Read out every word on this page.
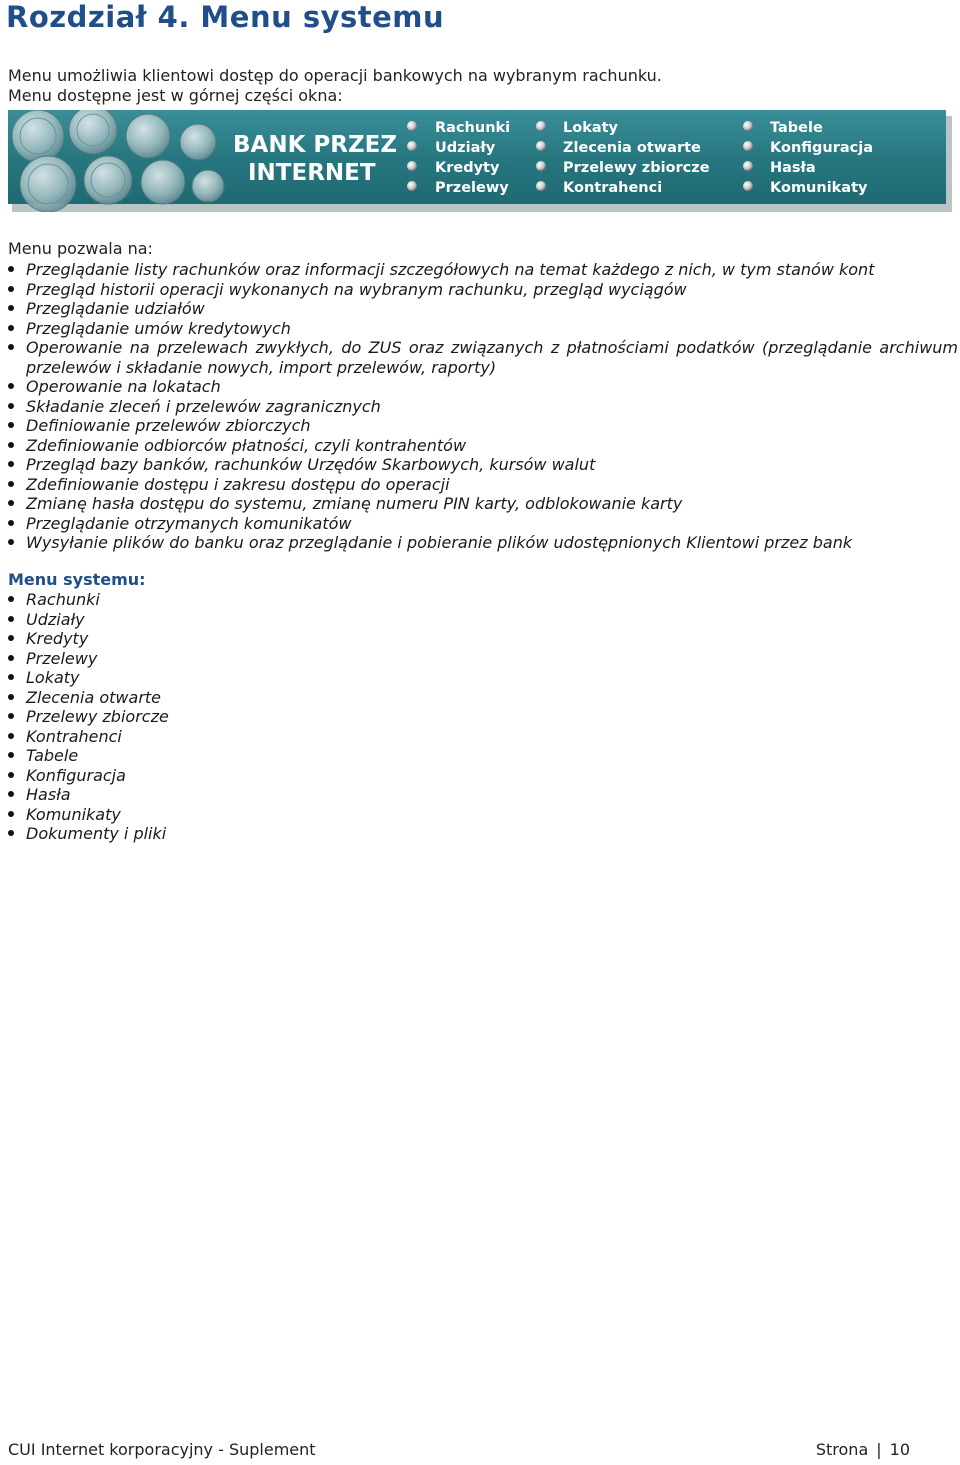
Rozdział 4. Menu systemu

Menu umożliwia klientowi dostęp do operacji bankowych na wybranym rachunku. Menu dostępne jest w górnej części okna:

BANK PRZEZ
INTERNET
Rachunki
Udziały
Kredyty
Przelewy
Lokaty
Zlecenia otwarte
Przelewy zbiorcze
Kontrahenci
Tabele
Konfiguracja
Hasła
Komunikaty

Menu pozwala na:

Przeglądanie listy rachunków oraz informacji szczegółowych na temat każdego z nich, w tym stanów kont
Przegląd historii operacji wykonanych na wybranym rachunku, przegląd wyciągów
Przeglądanie udziałów
Przeglądanie umów kredytowych
Operowanie na przelewach zwykłych, do ZUS oraz związanych z płatnościami podatków (przeglądanie archiwum przelewów i składanie nowych, import przelewów, raporty)
Operowanie na lokatach
Składanie zleceń i przelewów zagranicznych
Definiowanie przelewów zbiorczych
Zdefiniowanie odbiorców płatności, czyli kontrahentów
Przegląd bazy banków, rachunków Urzędów Skarbowych, kursów walut
Zdefiniowanie dostępu i zakresu dostępu do operacji
Zmianę hasła dostępu do systemu, zmianę numeru PIN karty, odblokowanie karty
Przeglądanie otrzymanych komunikatów
Wysyłanie plików do banku oraz przeglądanie i pobieranie plików udostępnionych Klientowi przez bank

Menu systemu:

Rachunki
Udziały
Kredyty
Przelewy
Lokaty
Zlecenia otwarte
Przelewy zbiorcze
Kontrahenci
Tabele
Konfiguracja
Hasła
Komunikaty
Dokumenty i pliki
CUI Internet korporacyjny - Suplement	Strona | 10
